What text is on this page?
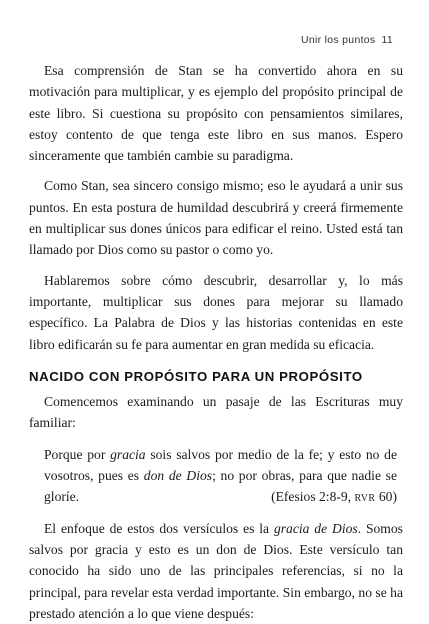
Unir los puntos 11

Esa comprensión de Stan se ha convertido ahora en su motivación para multiplicar, y es ejemplo del propósito principal de este libro. Si cuestiona su propósito con pensamientos similares, estoy contento de que tenga este libro en sus manos. Espero sinceramente que también cambie su paradigma.

Como Stan, sea sincero consigo mismo; eso le ayudará a unir sus puntos. En esta postura de humildad descubrirá y creerá firmemente en multiplicar sus dones únicos para edificar el reino. Usted está tan llamado por Dios como su pastor o como yo.

Hablaremos sobre cómo descubrir, desarrollar y, lo más importante, multiplicar sus dones para mejorar su llamado específico. La Palabra de Dios y las historias contenidas en este libro edificarán su fe para aumentar en gran medida su eficacia.

NACIDO CON PROPÓSITO PARA UN PROPÓSITO

Comencemos examinando un pasaje de las Escrituras muy familiar:

Porque por gracia sois salvos por medio de la fe; y esto no de vosotros, pues es don de Dios; no por obras, para que nadie se gloríe.	(Efesios 2:8-9, RVR 60)

El enfoque de estos dos versículos es la gracia de Dios. Somos salvos por gracia y esto es un don de Dios. Este versículo tan conocido ha sido uno de las principales referencias, si no la principal, para revelar esta verdad importante. Sin embargo, no se ha prestado atención a lo que viene después:
